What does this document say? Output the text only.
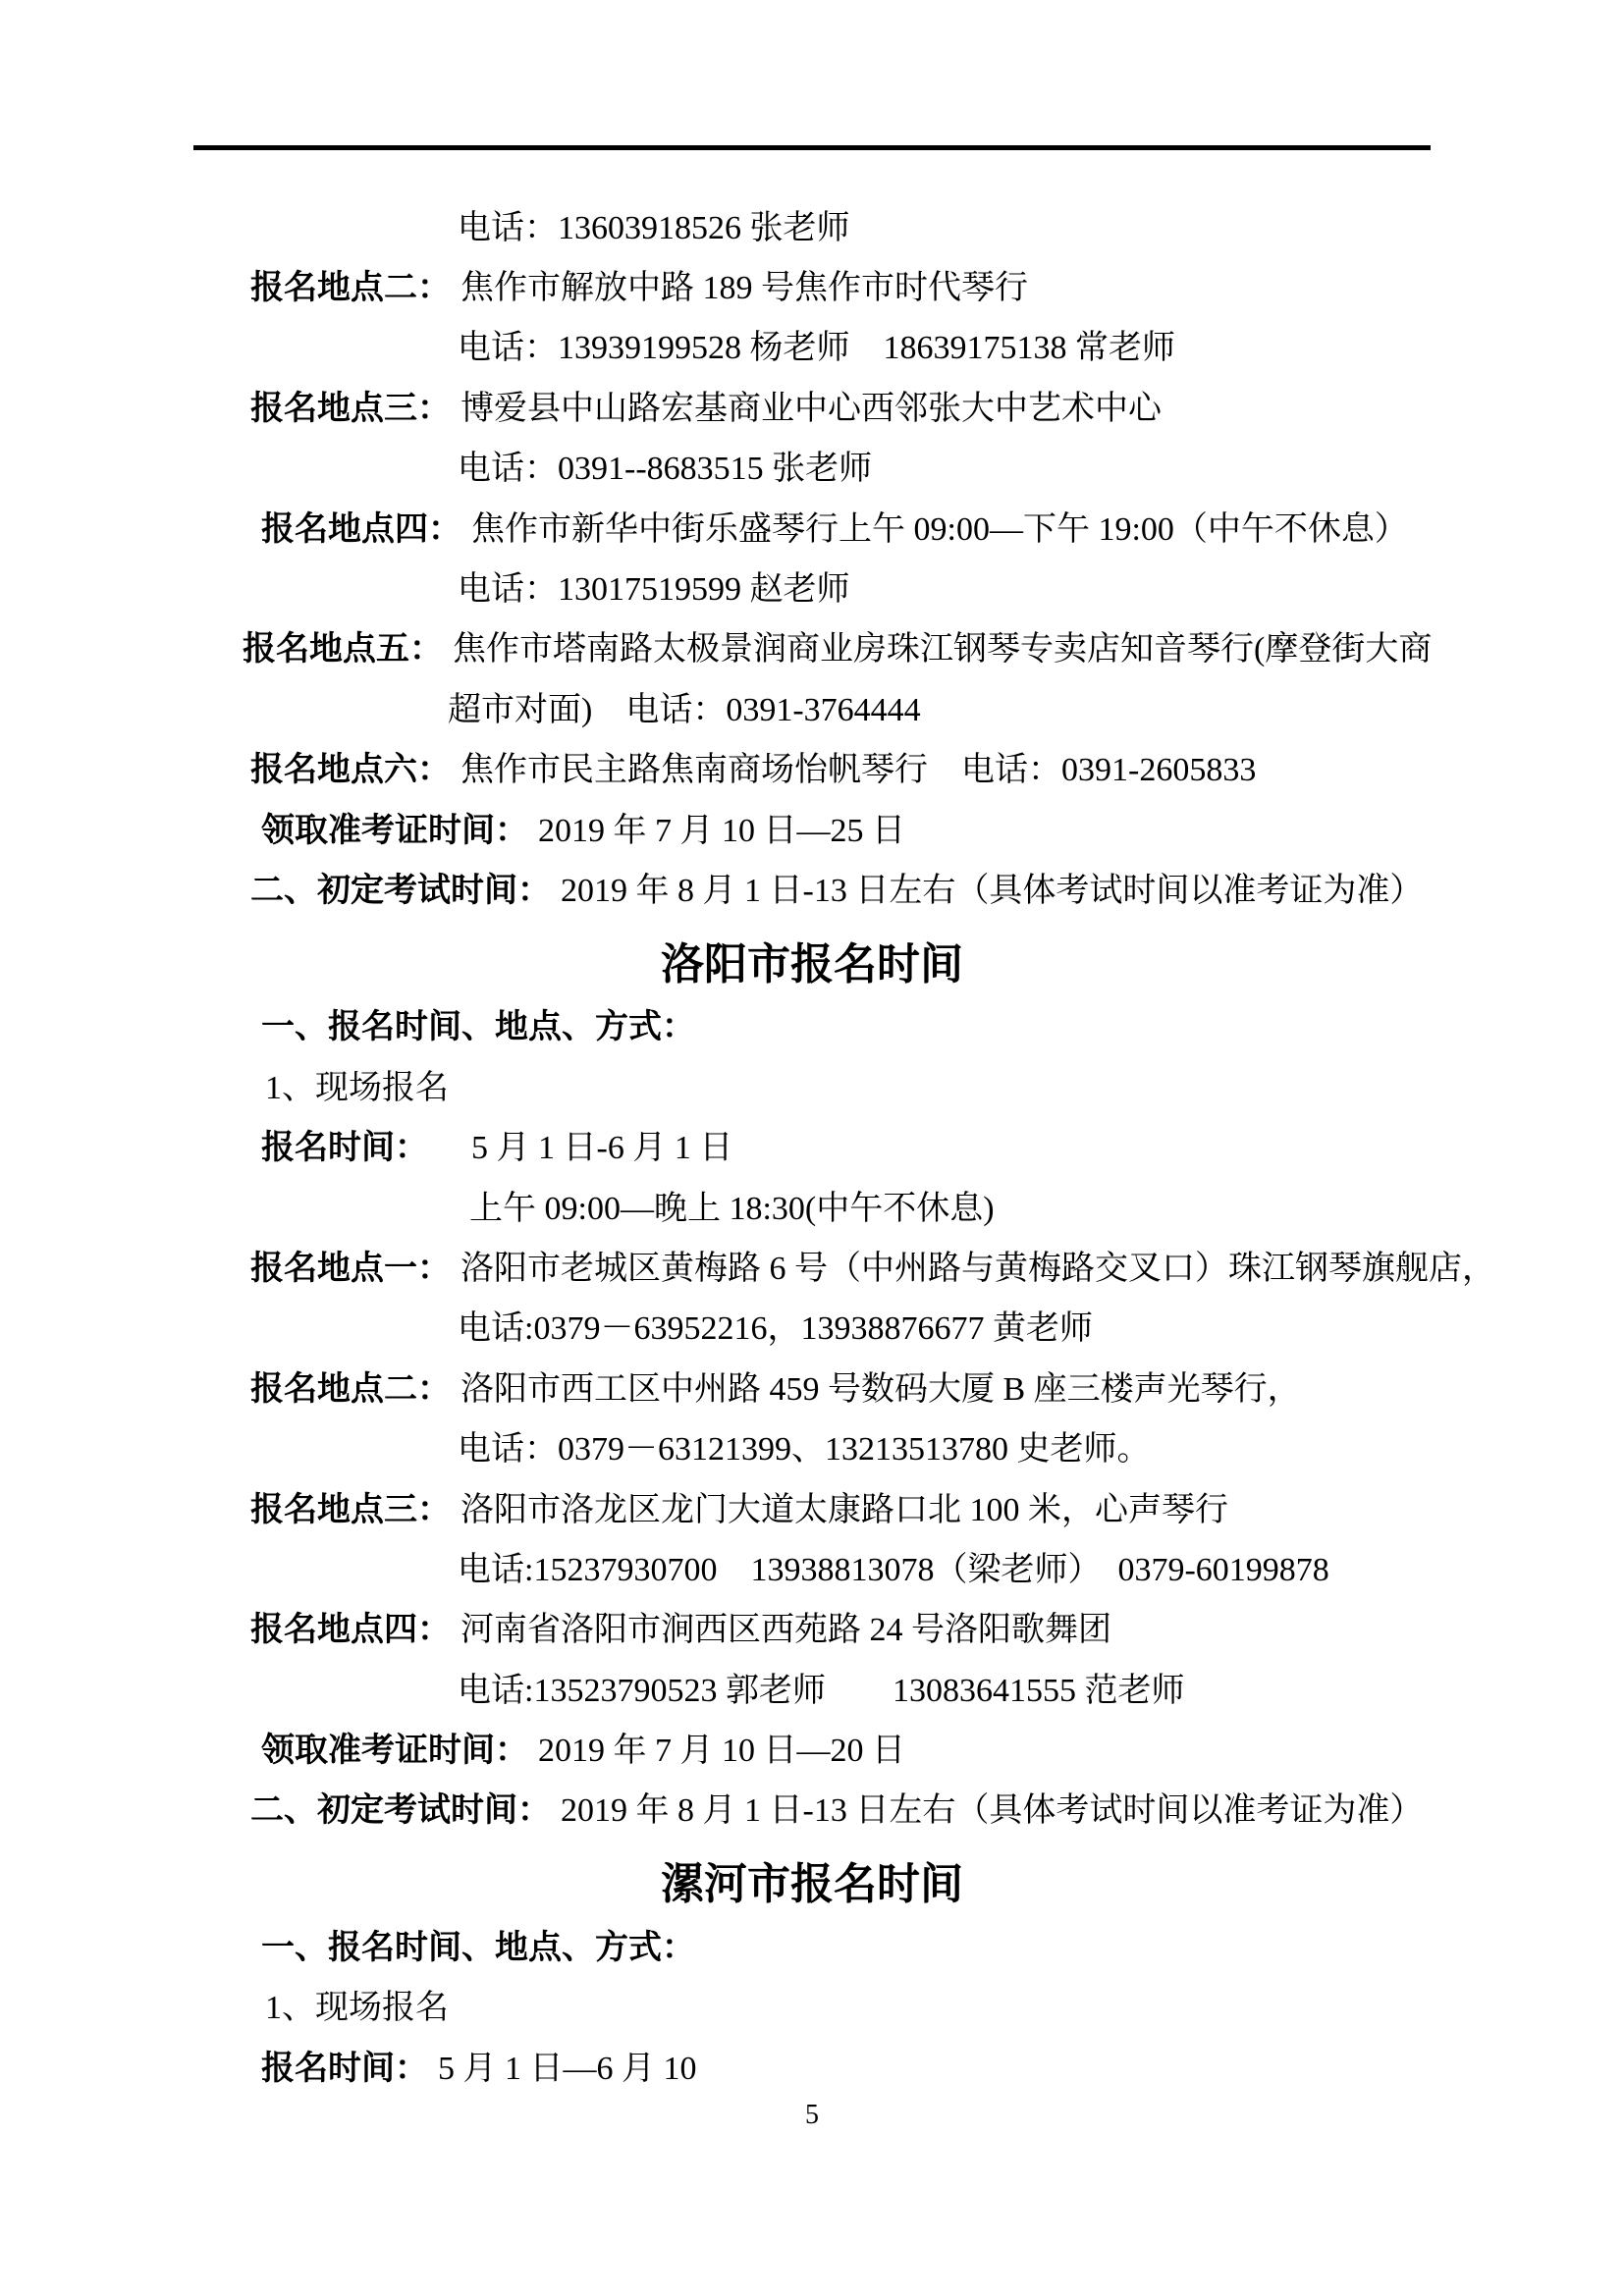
电话：13603918526 张老师
报名地点二： 焦作市解放中路 189 号焦作市时代琴行
电话：13939199528 杨老师　18639175138 常老师
报名地点三： 博爱县中山路宏基商业中心西邻张大中艺术中心
电话：0391--8683515 张老师
报名地点四： 焦作市新华中街乐盛琴行上午 09:00—下午 19:00（中午不休息）
电话：13017519599 赵老师
报名地点五： 焦作市塔南路太极景润商业房珠江钢琴专卖店知音琴行(摩登街大商
超市对面)　电话：0391-3764444
报名地点六： 焦作市民主路焦南商场怡帆琴行　电话：0391-2605833
领取准考证时间： 2019 年 7 月 10 日—25 日
二、初定考试时间： 2019 年 8 月 1 日-13 日左右（具体考试时间以准考证为准）
洛阳市报名时间
一、报名时间、地点、方式：
1、现场报名
报名时间： 　5 月 1 日-6 月 1 日
上午 09:00—晚上 18:30(中午不休息)
报名地点一： 洛阳市老城区黄梅路 6 号（中州路与黄梅路交叉口）珠江钢琴旗舰店，
电话:0379－63952216，13938876677 黄老师
报名地点二： 洛阳市西工区中州路 459 号数码大厦 B 座三楼声光琴行，
电话：0379－63121399、13213513780 史老师。
报名地点三： 洛阳市洛龙区龙门大道太康路口北 100 米，心声琴行
电话:15237930700　13938813078（梁老师）　0379-60199878
报名地点四： 河南省洛阳市涧西区西苑路 24 号洛阳歌舞团
电话:13523790523 郭老师　　13083641555 范老师
领取准考证时间： 2019 年 7 月 10 日—20 日
二、初定考试时间： 2019 年 8 月 1 日-13 日左右（具体考试时间以准考证为准）
漯河市报名时间
一、报名时间、地点、方式：
1、现场报名
报名时间： 5 月 1 日—6 月 10
5
